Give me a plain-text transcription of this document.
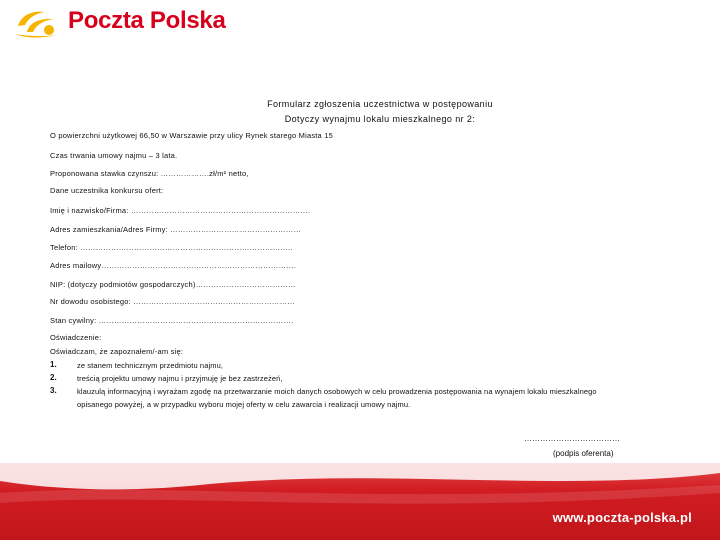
Poczta Polska
Formularz zgłoszenia uczestnictwa w postępowaniu
Dotyczy wynajmu lokalu mieszkalnego nr 2:
O powierzchni użytkowej 66,50 w Warszawie przy ulicy Rynek starego Miasta 15
Czas trwania umowy najmu – 3 lata.
Proponowana stawka czynszu: ……………….zł/m² netto,
Dane uczestnika konkursu ofert:
Imię i nazwisko/Firma: …………………………………………………………….
Adres zamieszkania/Adres Firmy: ……………………………………………
Telefon: ………………………………………………………………………..
Adres mailowy………………………………………………………………….
NIP: (dotyczy podmiotów gospodarczych)…………………………………
Nr dowodu osobistego: ………………………………………………………
Stan cywilny: ………………………………………………………………….
Oświadczenie:
Oświadczam, że zapoznałem/-am się:
1.	ze stanem technicznym przedmiotu najmu,
2.	treścią projektu umowy najmu i przyjmuję je bez zastrzeżeń,
3.	klauzulą informacyjną i wyrażam zgodę na przetwarzanie moich danych osobowych w celu prowadzenia postępowania na wynajem lokalu mieszkalnego
opisanego powyżej, a w przypadku wyboru mojej oferty w celu zawarcia i realizacji umowy najmu.
………………………………
(podpis oferenta)
www.poczta-polska.pl
